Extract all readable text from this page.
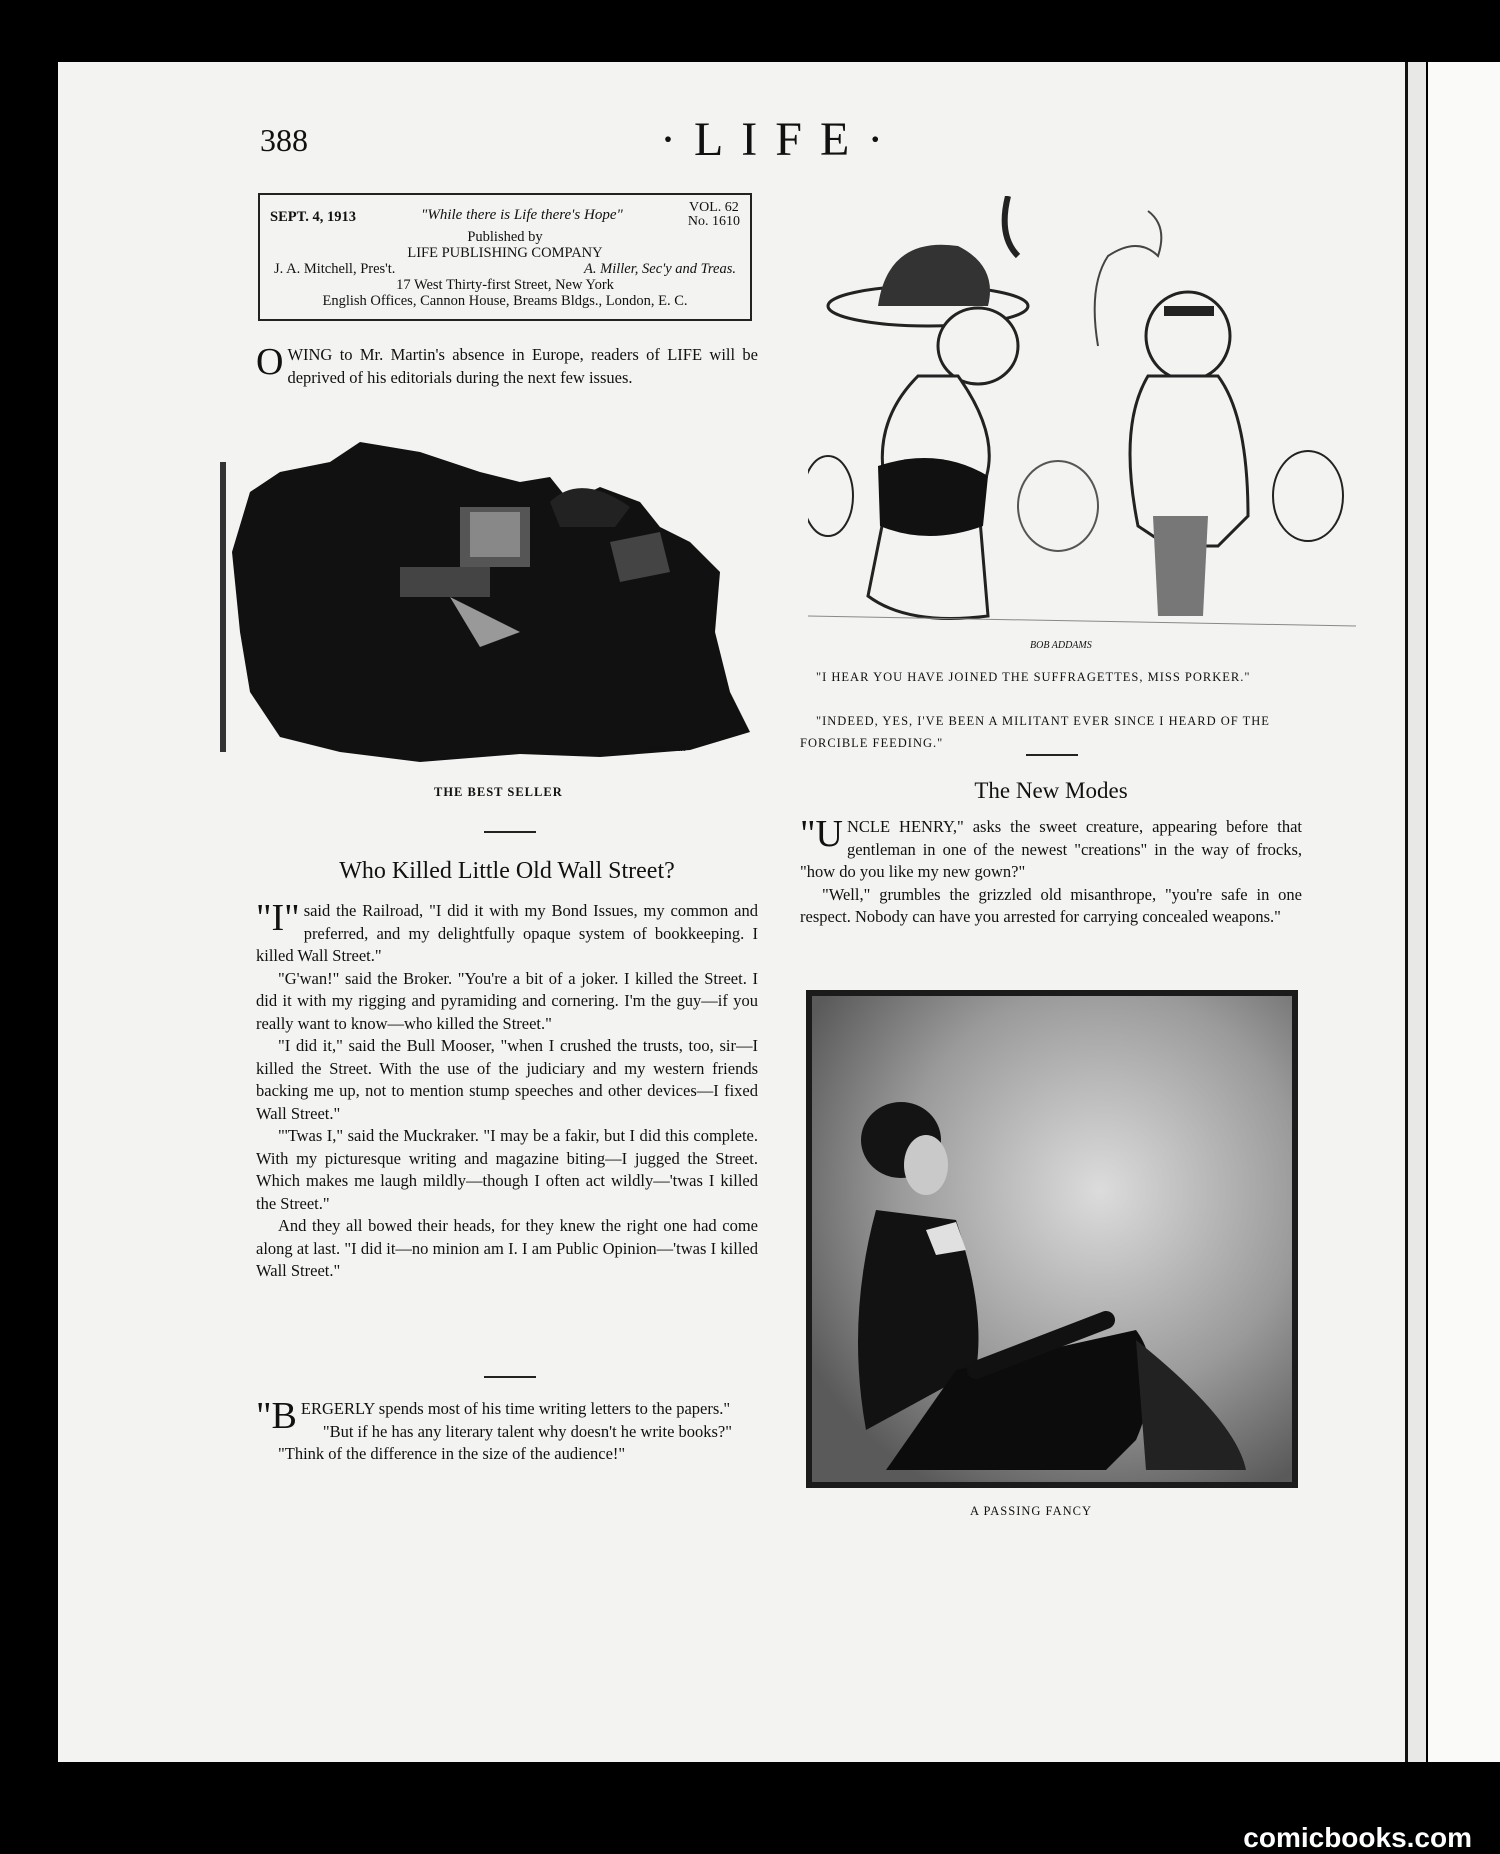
388	·LIFE·
SEPT. 4, 1913	"While there is Life there's Hope"	VOL. 62
No. 1610
Published by
LIFE PUBLISHING COMPANY
J. A. Mitchell, Pres't.	A. Miller, Sec'y and Treas.
17 West Thirty-first Street, New York
English Offices, Cannon House, Breams Bldgs., London, E. C.
OWING to Mr. Martin's absence in Europe, readers of LIFE will be deprived of his editorials during the next few issues.
Ceuoorcul
THE BEST SELLER
Who Killed Little Old Wall Street?

"I" said the Railroad, "I did it with my Bond Issues, my common and preferred, and my delightfully opaque system of bookkeeping. I killed Wall Street."

"G'wan!" said the Broker. "You're a bit of a joker. I killed the Street. I did it with my rigging and pyramiding and cornering. I'm the guy—if you really want to know—who killed the Street."

"I did it," said the Bull Mooser, "when I crushed the trusts, too, sir—I killed the Street. With the use of the judiciary and my western friends backing me up, not to mention stump speeches and other devices—I fixed Wall Street."

"'Twas I," said the Muckraker. "I may be a fakir, but I did this complete. With my picturesque writing and magazine biting—I jugged the Street. Which makes me laugh mildly—though I often act wildly—'twas I killed the Street."

And they all bowed their heads, for they knew the right one had come along at last. "I did it—no minion am I. I am Public Opinion—'twas I killed Wall Street."

"BERGERLY spends most of his time writing letters to the papers."

"But if he has any literary talent why doesn't he write books?"

"Think of the difference in the size of the audience!"

BOB ADDAMS
"I HEAR YOU HAVE JOINED THE SUFFRAGETTES, MISS PORKER."
"INDEED, YES, I'VE BEEN A MILITANT EVER SINCE I HEARD OF THE FORCIBLE FEEDING."
The New Modes

"UNCLE HENRY," asks the sweet creature, appearing before that gentleman in one of the newest "creations" in the way of frocks, "how do you like my new gown?"

"Well," grumbles the grizzled old misanthrope, "you're safe in one respect. Nobody can have you arrested for carrying concealed weapons."

A PASSING FANCY
comicbooks.com
